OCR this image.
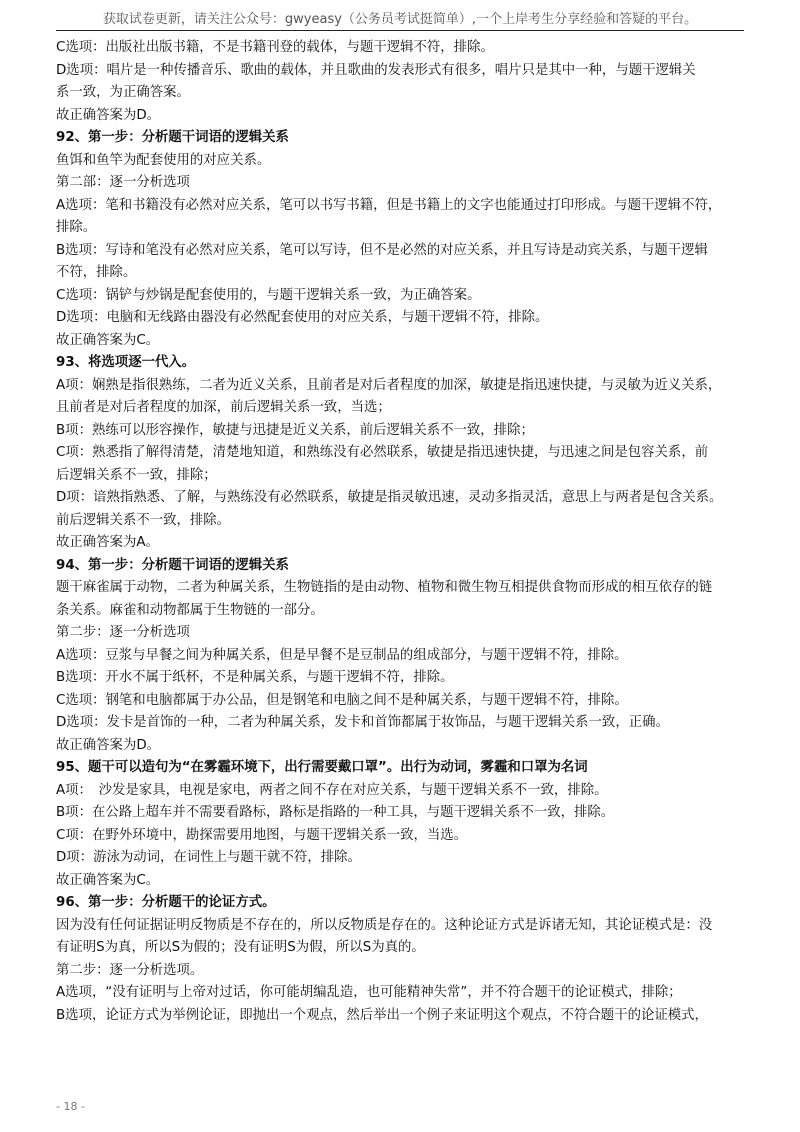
获取试卷更新，请关注公众号：gwyeasy（公务员考试挺简单）,一个上岸考生分享经验和答疑的平台。
C选项：出版社出版书籍，不是书籍刊登的载体，与题干逻辑不符，排除。
D选项：唱片是一种传播音乐、歌曲的载体，并且歌曲的发表形式有很多，唱片只是其中一种，与题干逻辑关
系一致，为正确答案。
故正确答案为D。
92、第一步：分析题干词语的逻辑关系
鱼饵和鱼竿为配套使用的对应关系。
第二部：逐一分析选项
A选项：笔和书籍没有必然对应关系，笔可以书写书籍，但是书籍上的文字也能通过打印形成。与题干逻辑不符，
排除。
B选项：写诗和笔没有必然对应关系，笔可以写诗，但不是必然的对应关系，并且写诗是动宾关系，与题干逻辑
不符，排除。
C选项：锅铲与炒锅是配套使用的，与题干逻辑关系一致，为正确答案。
D选项：电脑和无线路由器没有必然配套使用的对应关系，与题干逻辑不符，排除。
故正确答案为C。
93、将选项逐一代入。
A项：娴熟是指很熟练，二者为近义关系，且前者是对后者程度的加深，敏捷是指迅速快捷，与灵敏为近义关系，
且前者是对后者程度的加深，前后逻辑关系一致，当选；
B项：熟练可以形容操作，敏捷与迅捷是近义关系，前后逻辑关系不一致，排除；
C项：熟悉指了解得清楚，清楚地知道，和熟练没有必然联系，敏捷是指迅速快捷，与迅速之间是包容关系，前
后逻辑关系不一致，排除；
D项：谙熟指熟悉、了解，与熟练没有必然联系，敏捷是指灵敏迅速，灵动多指灵活，意思上与两者是包含关系。
前后逻辑关系不一致，排除。
故正确答案为A。
94、第一步：分析题干词语的逻辑关系
题干麻雀属于动物，二者为种属关系，生物链指的是由动物、植物和微生物互相提供食物而形成的相互依存的链
条关系。麻雀和动物都属于生物链的一部分。
第二步：逐一分析选项
A选项：豆浆与早餐之间为种属关系，但是早餐不是豆制品的组成部分，与题干逻辑不符，排除。
B选项：开水不属于纸杯，不是种属关系，与题干逻辑不符，排除。
C选项：钢笔和电脑都属于办公品，但是钢笔和电脑之间不是种属关系，与题干逻辑不符，排除。
D选项：发卡是首饰的一种，二者为种属关系，发卡和首饰都属于妆饰品，与题干逻辑关系一致，正确。
故正确答案为D。
95、题干可以造句为“在雾霾环境下，出行需要戴口罩”。出行为动词，雾霾和口罩为名词
A项：　沙发是家具，电视是家电，两者之间不存在对应关系，与题干逻辑关系不一致，排除。
B项：在公路上超车并不需要看路标，路标是指路的一种工具，与题干逻辑关系不一致，排除。
C项：在野外环境中，勘探需要用地图，与题干逻辑关系一致，当选。
D项：游泳为动词，在词性上与题干就不符，排除。
故正确答案为C。
96、第一步：分析题干的论证方式。
因为没有任何证据证明反物质是不存在的，所以反物质是存在的。这种论证方式是诉诸无知，其论证模式是：没
有证明S为真，所以S为假的；没有证明S为假，所以S为真的。
第二步：逐一分析选项。
A选项，“没有证明与上帝对过话，你可能胡编乱造，也可能精神失常”，并不符合题干的论证模式，排除；
B选项，论证方式为举例论证，即抛出一个观点，然后举出一个例子来证明这个观点，不符合题干的论证模式，
- 18 -
